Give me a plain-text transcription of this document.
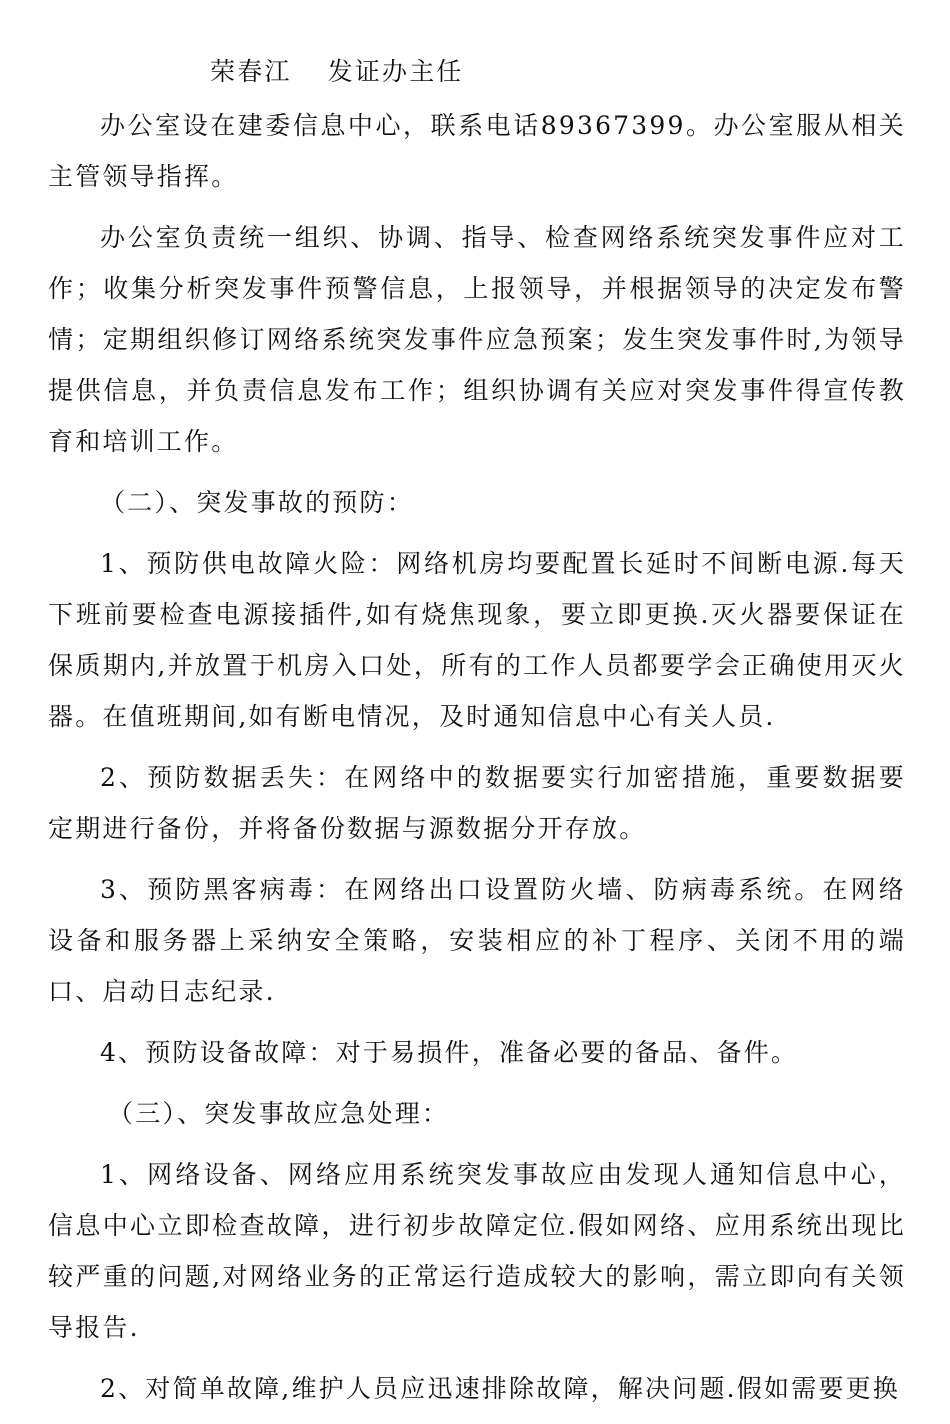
荣春江 发证办主任

办公室设在建委信息中心，联系电话89367399。办公室服从相关主管领导指挥。

办公室负责统一组织、协调、指导、检查网络系统突发事件应对工作；收集分析突发事件预警信息，上报领导，并根据领导的决定发布警情；定期组织修订网络系统突发事件应急预案；发生突发事件时,为领导提供信息，并负责信息发布工作；组织协调有关应对突发事件得宣传教育和培训工作。

（二）、突发事故的预防：

1、预防供电故障火险：网络机房均要配置长延时不间断电源.每天下班前要检查电源接插件,如有烧焦现象，要立即更换.灭火器要保证在保质期内,并放置于机房入口处，所有的工作人员都要学会正确使用灭火器。在值班期间,如有断电情况，及时通知信息中心有关人员.

2、预防数据丢失：在网络中的数据要实行加密措施，重要数据要定期进行备份，并将备份数据与源数据分开存放。

3、预防黑客病毒：在网络出口设置防火墙、防病毒系统。在网络设备和服务器上采纳安全策略，安装相应的补丁程序、关闭不用的端口、启动日志纪录.

4、预防设备故障：对于易损件，准备必要的备品、备件。

（三）、突发事故应急处理：

1、网络设备、网络应用系统突发事故应由发现人通知信息中心，信息中心立即检查故障，进行初步故障定位.假如网络、应用系统出现比较严重的问题,对网络业务的正常运行造成较大的影响，需立即向有关领导报告.

2、对简单故障,维护人员应迅速排除故障，解决问题.假如需要更换
